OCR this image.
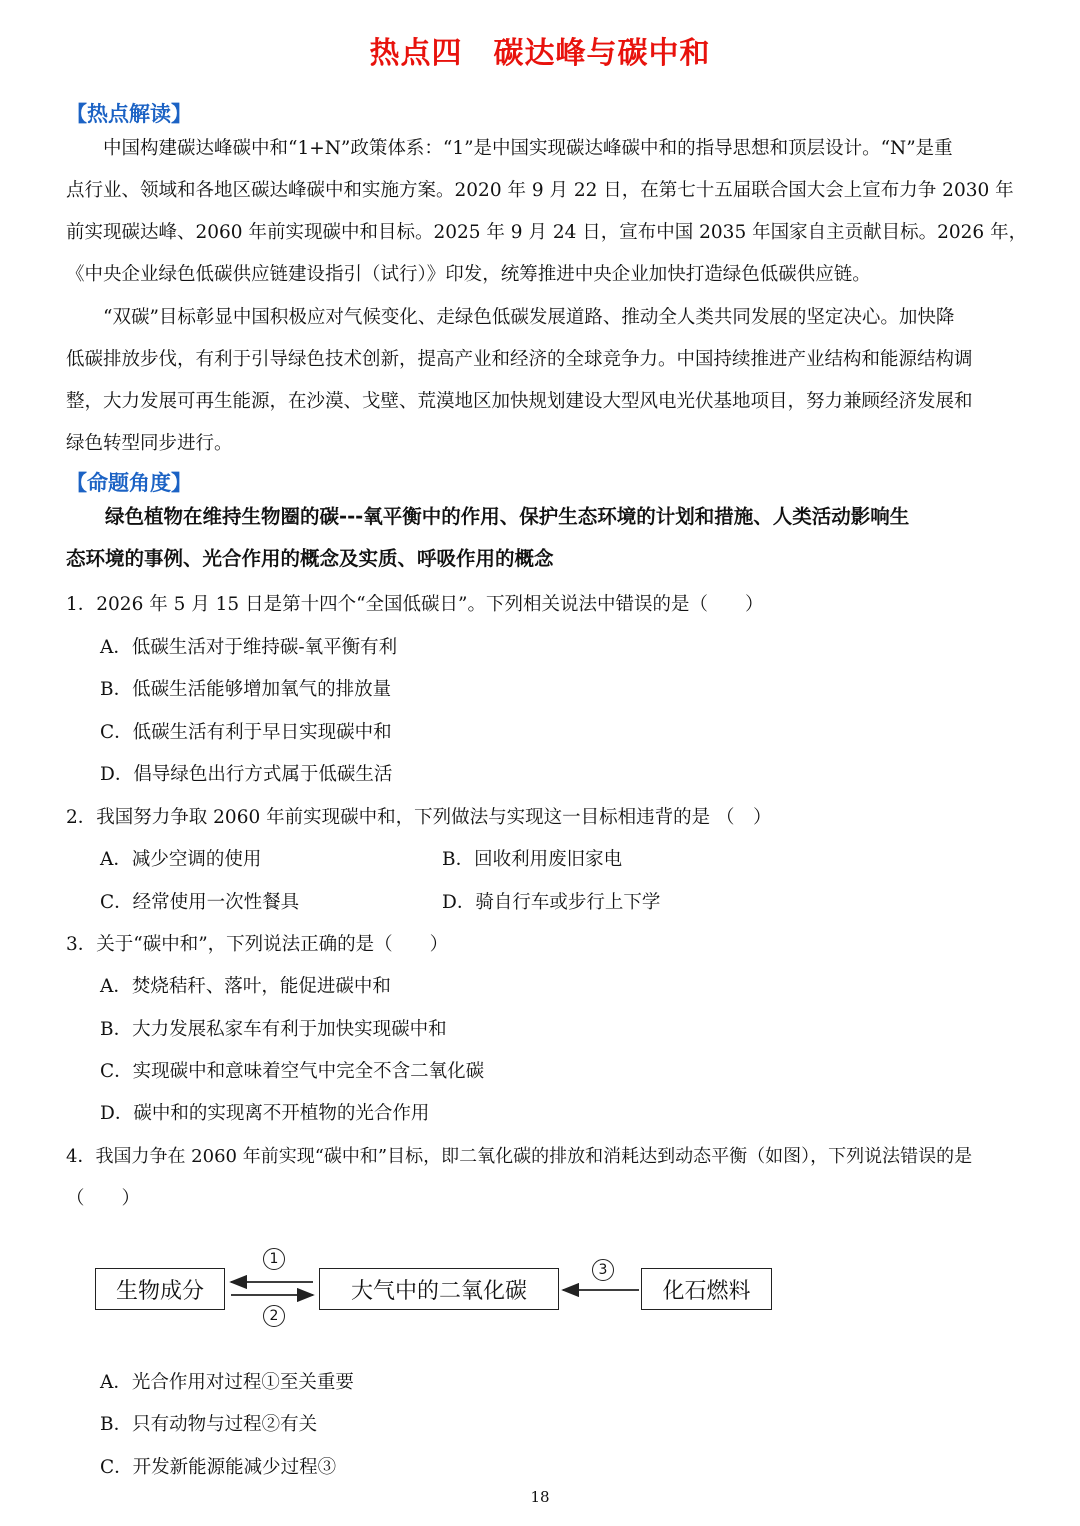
热点四　碳达峰与碳中和
【热点解读】
　　中国构建碳达峰碳中和“1+N”政策体系：“1”是中国实现碳达峰碳中和的指导思想和顶层设计。“N”是重
点行业、领域和各地区碳达峰碳中和实施方案。2020 年 9 月 22 日，在第七十五届联合国大会上宣布力争 2030 年
前实现碳达峰、2060 年前实现碳中和目标。2025 年 9 月 24 日，宣布中国 2035 年国家自主贡献目标。2026 年，
《中央企业绿色低碳供应链建设指引（试行）》印发，统筹推进中央企业加快打造绿色低碳供应链。
　　“双碳”目标彰显中国积极应对气候变化、走绿色低碳发展道路、推动全人类共同发展的坚定决心。加快降
低碳排放步伐，有利于引导绿色技术创新，提高产业和经济的全球竞争力。中国持续推进产业结构和能源结构调
整，大力发展可再生能源，在沙漠、戈壁、荒漠地区加快规划建设大型风电光伏基地项目，努力兼顾经济发展和
绿色转型同步进行。
【命题角度】
　　绿色植物在维持生物圈的碳---氧平衡中的作用、保护生态环境的计划和措施、人类活动影响生
态环境的事例、光合作用的概念及实质、呼吸作用的概念
1．2026 年 5 月 15 日是第十四个“全国低碳日”。下列相关说法中错误的是（　　）
A．低碳生活对于维持碳-氧平衡有利
B．低碳生活能够增加氧气的排放量
C．低碳生活有利于早日实现碳中和
D．倡导绿色出行方式属于低碳生活
2．我国努力争取 2060 年前实现碳中和，下列做法与实现这一目标相违背的是 （　）
A．减少空调的使用	B．回收利用废旧家电
C．经常使用一次性餐具	D．骑自行车或步行上下学
3．关于“碳中和”，下列说法正确的是（　　）
A．焚烧秸秆、落叶，能促进碳中和
B．大力发展私家车有利于加快实现碳中和
C．实现碳中和意味着空气中完全不含二氧化碳
D．碳中和的实现离不开植物的光合作用
4．我国力争在 2060 年前实现“碳中和”目标，即二氧化碳的排放和消耗达到动态平衡（如图），下列说法错误的是
（　　）
生物成分	大气中的二氧化碳	化石燃料
1
2
3
A．光合作用对过程①至关重要
B．只有动物与过程②有关
C．开发新能源能减少过程③
18
